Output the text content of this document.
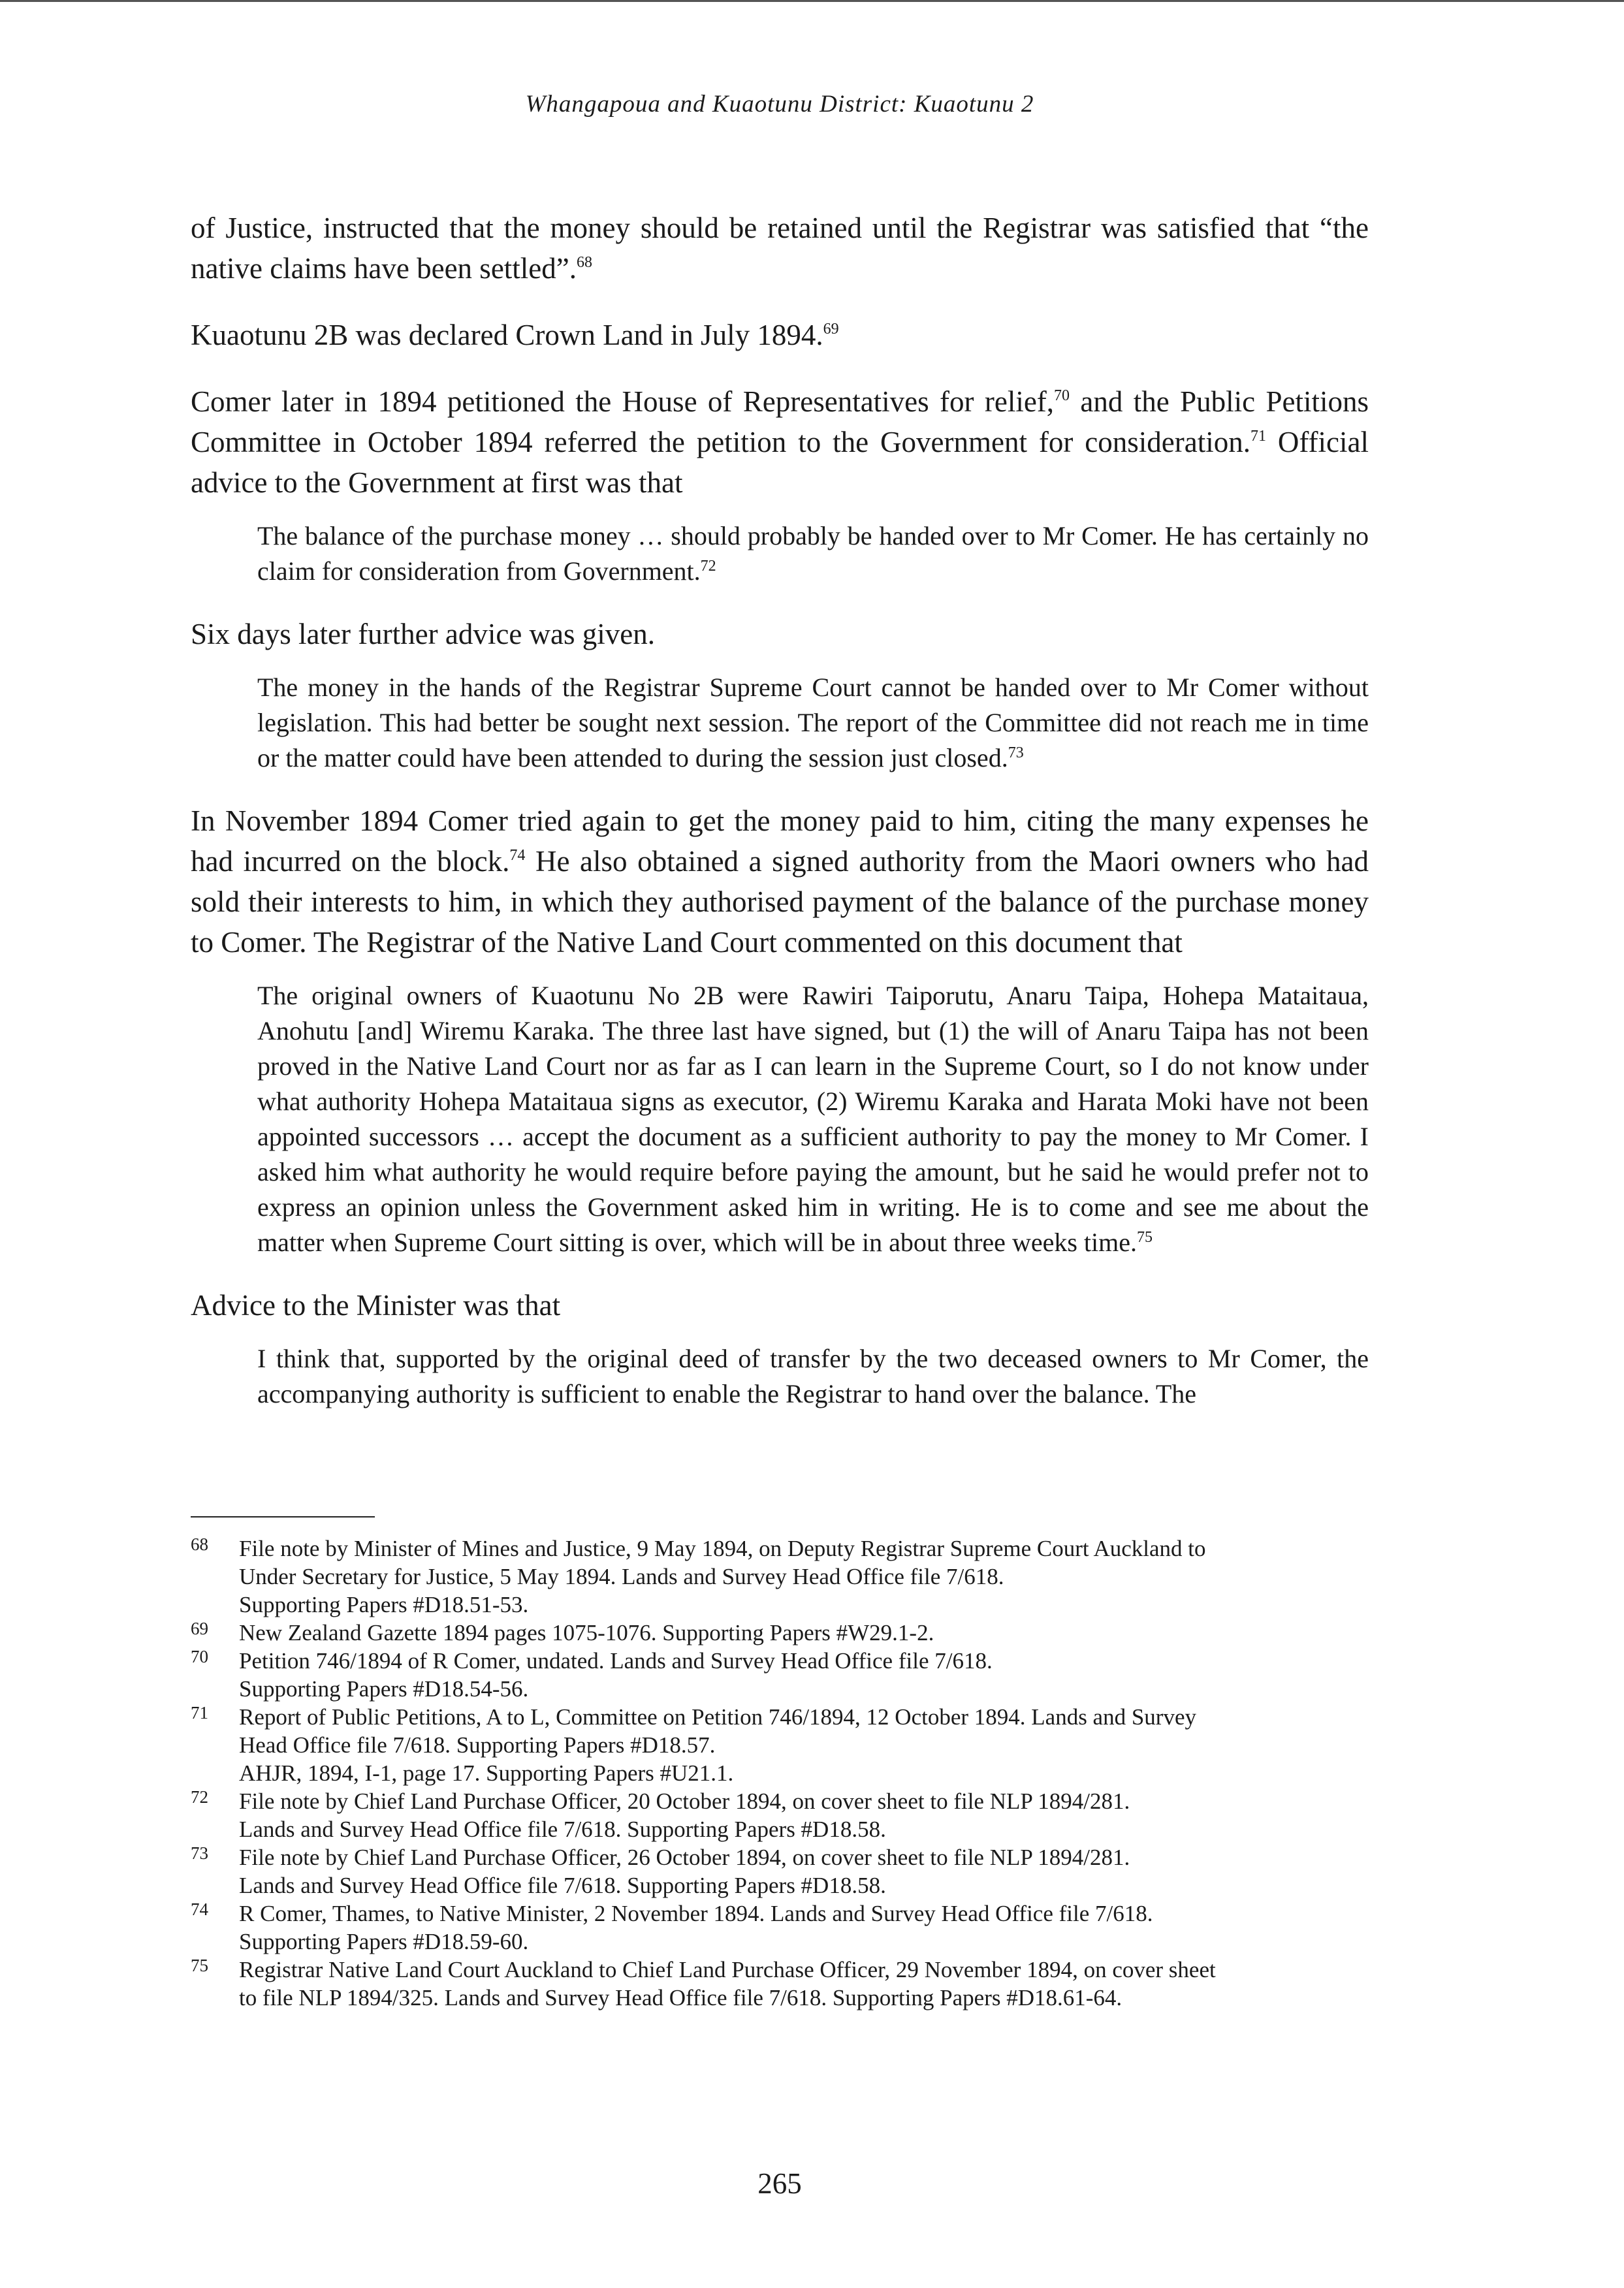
Whangapoua and Kuaotunu District: Kuaotunu 2

of Justice, instructed that the money should be retained until the Registrar was satisfied that “the native claims have been settled”.$^{68}$

Kuaotunu 2B was declared Crown Land in July 1894.69

Comer later in 1894 petitioned the House of Representatives for relief,$^{70}$ and the Public Petitions Committee in October 1894 referred the petition to the Government for consideration.$^{71}$ Official advice to the Government at first was that

The balance of the purchase money … should probably be handed over to Mr Comer. He has certainly no claim for consideration from Government.$^{72}$

Six days later further advice was given.

The money in the hands of the Registrar Supreme Court cannot be handed over to Mr Comer without legislation. This had better be sought next session. The report of the Committee did not reach me in time or the matter could have been attended to during the session just closed.$^{73}$

In November 1894 Comer tried again to get the money paid to him, citing the many expenses he had incurred on the block.$^{74}$ He also obtained a signed authority from the Maori owners who had sold their interests to him, in which they authorised payment of the balance of the purchase money to Comer. The Registrar of the Native Land Court commented on this document that

The original owners of Kuaotunu No 2B were Rawiri Taiporutu, Anaru Taipa, Hohepa Mataitaua, Anohutu [and] Wiremu Karaka. The three last have signed, but (1) the will of Anaru Taipa has not been proved in the Native Land Court nor as far as I can learn in the Supreme Court, so I do not know under what authority Hohepa Mataitaua signs as executor, (2) Wiremu Karaka and Harata Moki have not been appointed successors … accept the document as a sufficient authority to pay the money to Mr Comer. I asked him what authority he would require before paying the amount, but he said he would prefer not to express an opinion unless the Government asked him in writing. He is to come and see me about the matter when Supreme Court sitting is over, which will be in about three weeks time.$^{75}$

Advice to the Minister was that

I think that, supported by the original deed of transfer by the two deceased owners to Mr Comer, the accompanying authority is sufficient to enable the Registrar to hand over the balance. The
68 File note by Minister of Mines and Justice, 9 May 1894, on Deputy Registrar Supreme Court Auckland to
Under Secretary for Justice, 5 May 1894. Lands and Survey Head Office file 7/618.
Supporting Papers #D18.51-53.
69 New Zealand Gazette 1894 pages 1075-1076. Supporting Papers #W29.1-2.
70 Petition 746/1894 of R Comer, undated. Lands and Survey Head Office file 7/618.
Supporting Papers #D18.54-56.
71 Report of Public Petitions, A to L, Committee on Petition 746/1894, 12 October 1894. Lands and Survey
Head Office file 7/618. Supporting Papers #D18.57.
AHJR, 1894, I-1, page 17. Supporting Papers #U21.1.
72 File note by Chief Land Purchase Officer, 20 October 1894, on cover sheet to file NLP 1894/281.
Lands and Survey Head Office file 7/618. Supporting Papers #D18.58.
73 File note by Chief Land Purchase Officer, 26 October 1894, on cover sheet to file NLP 1894/281.
Lands and Survey Head Office file 7/618. Supporting Papers #D18.58.
74 R Comer, Thames, to Native Minister, 2 November 1894. Lands and Survey Head Office file 7/618.
Supporting Papers #D18.59-60.
75 Registrar Native Land Court Auckland to Chief Land Purchase Officer, 29 November 1894, on cover sheet
to file NLP 1894/325. Lands and Survey Head Office file 7/618. Supporting Papers #D18.61-64.
265
